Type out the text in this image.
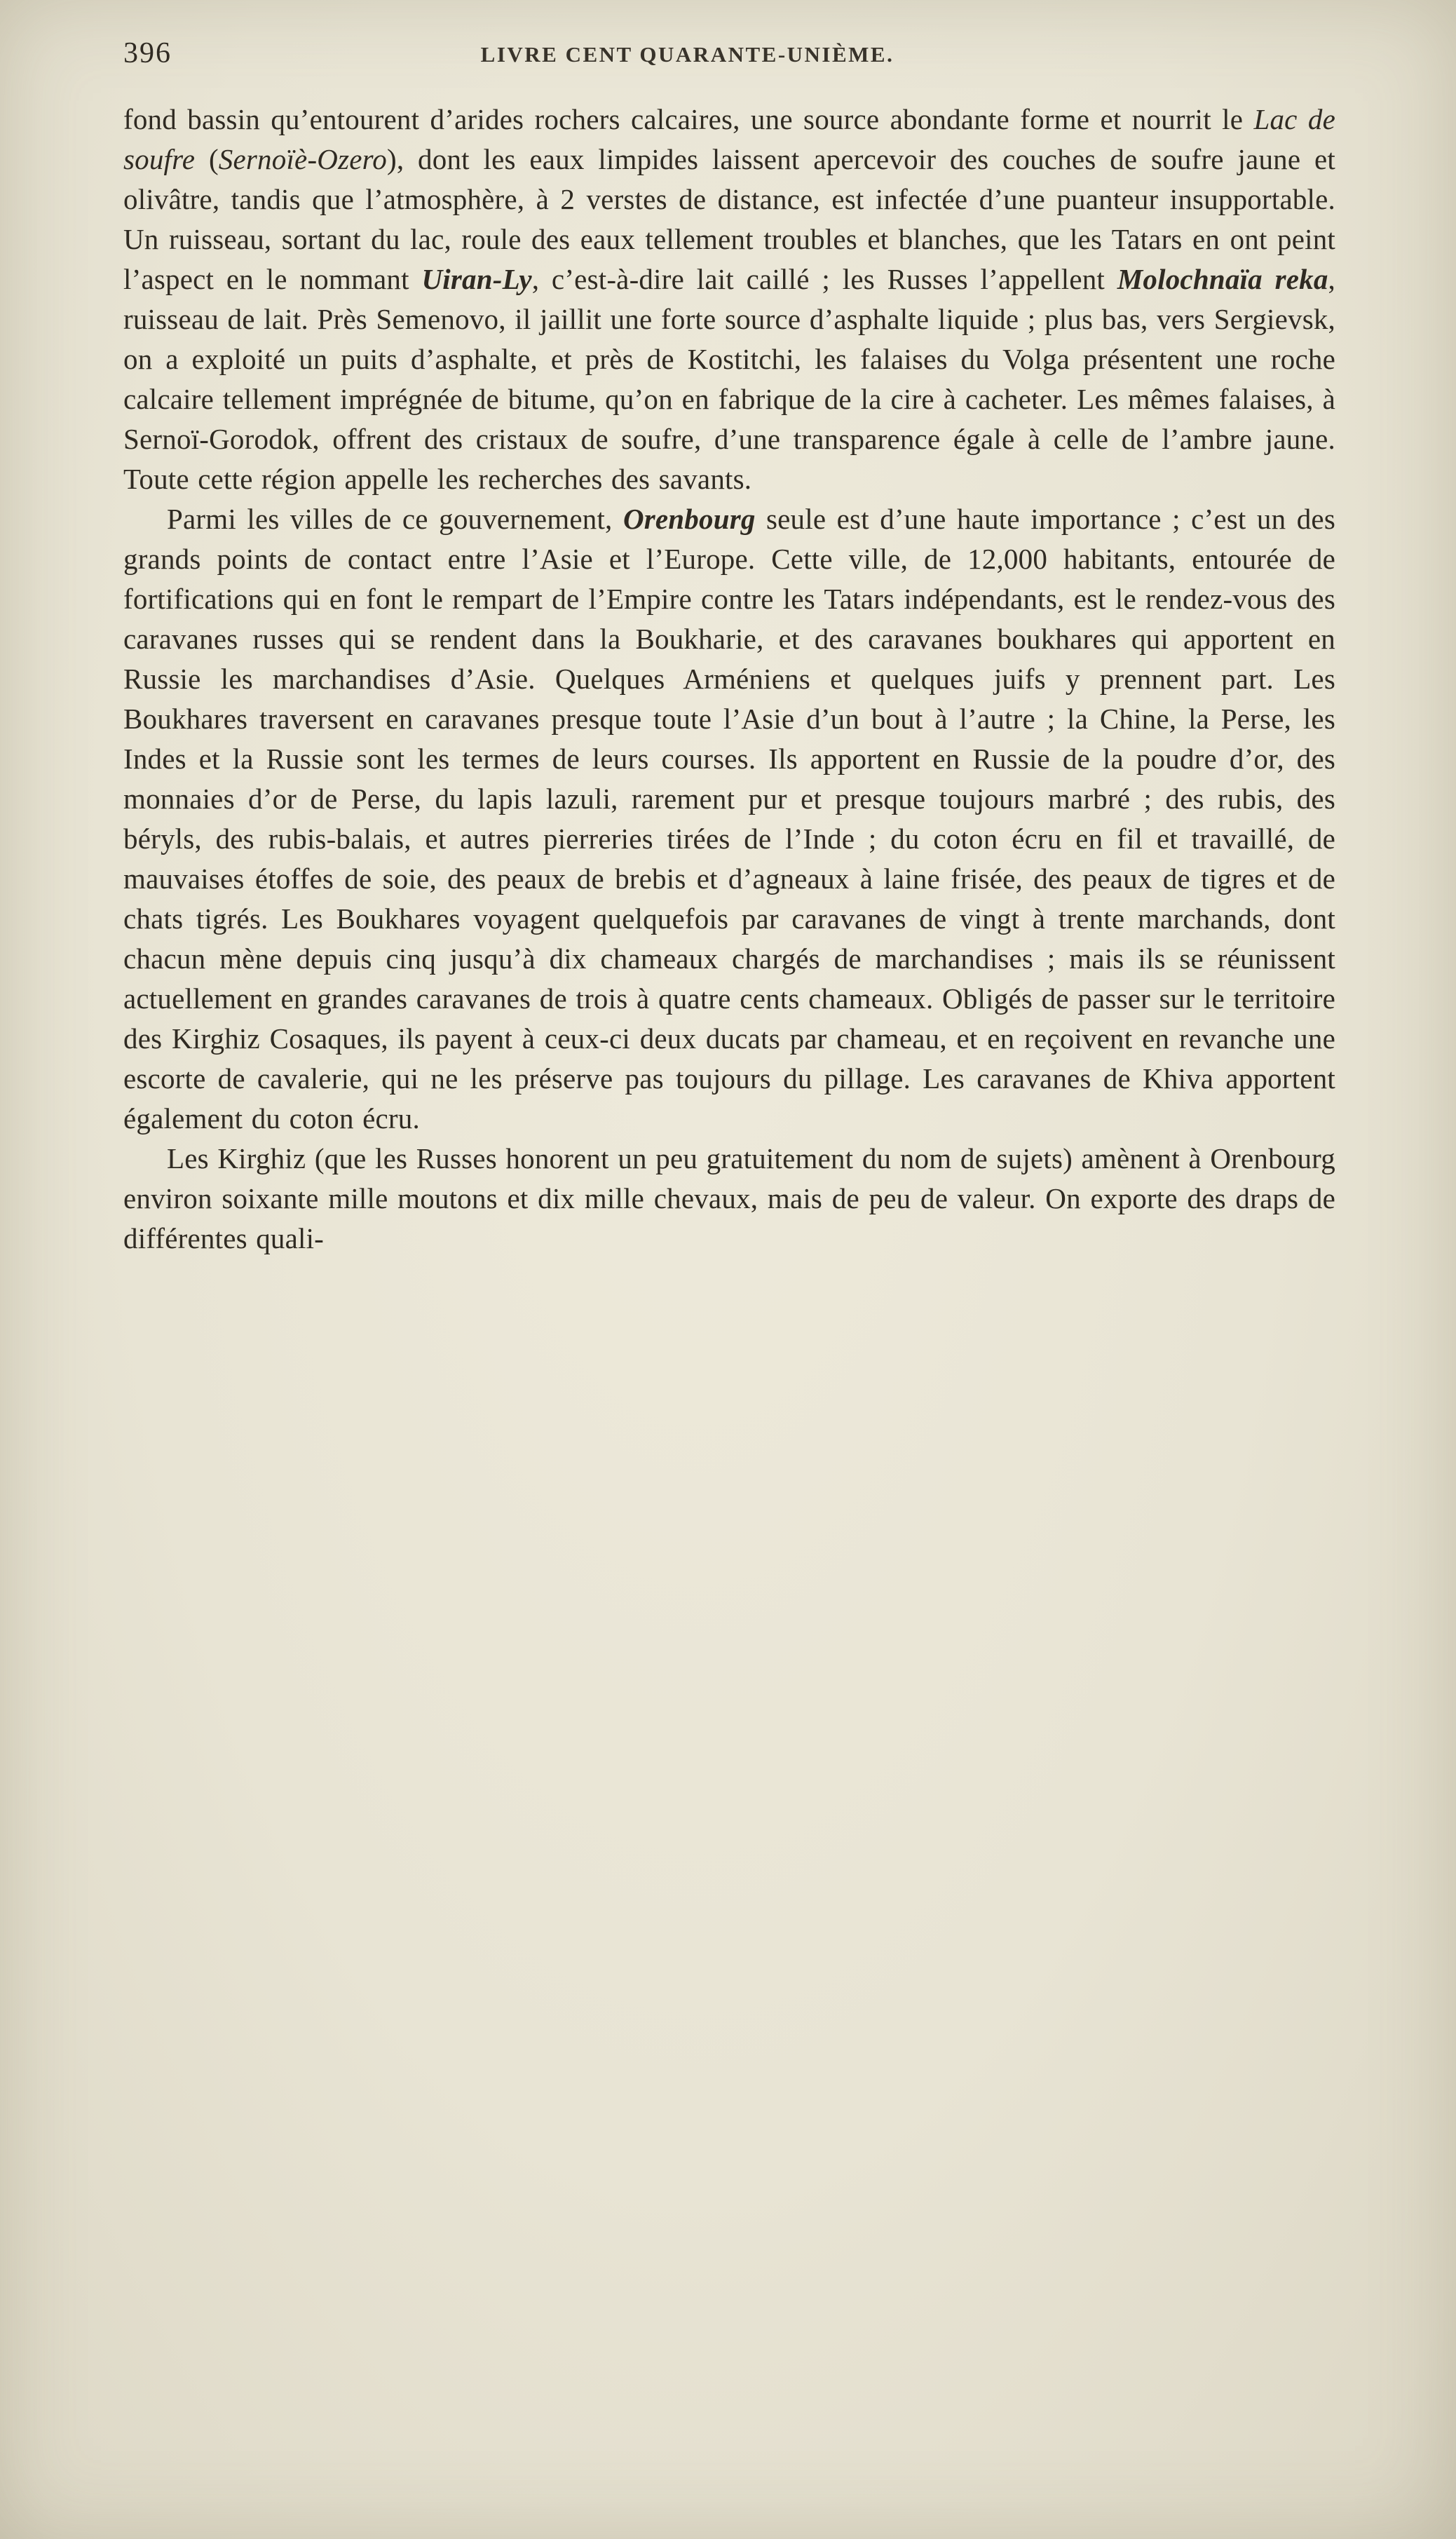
396	LIVRE CENT QUARANTE-UNIÈME.

fond bassin qu’entourent d’arides rochers calcaires, une source abondante forme et nourrit le Lac de soufre (Sernoïè-Ozero), dont les eaux limpides laissent apercevoir des couches de soufre jaune et olivâtre, tandis que l’atmosphère, à 2 verstes de distance, est infectée d’une puanteur insupportable. Un ruisseau, sortant du lac, roule des eaux tellement troubles et blanches, que les Tatars en ont peint l’aspect en le nommant Uiran-Ly, c’est-à-dire lait caillé ; les Russes l’appellent Molochnaïa reka, ruisseau de lait. Près Semenovo, il jaillit une forte source d’asphalte liquide ; plus bas, vers Sergievsk, on a exploité un puits d’asphalte, et près de Kostitchi, les falaises du Volga présentent une roche calcaire tellement imprégnée de bitume, qu’on en fabrique de la cire à cacheter. Les mêmes falaises, à Sernoï-Gorodok, offrent des cristaux de soufre, d’une transparence égale à celle de l’ambre jaune. Toute cette région appelle les recherches des savants.

Parmi les villes de ce gouvernement, Orenbourg seule est d’une haute importance ; c’est un des grands points de contact entre l’Asie et l’Europe. Cette ville, de 12,000 habitants, entourée de fortifications qui en font le rempart de l’Empire contre les Tatars indépendants, est le rendez-vous des caravanes russes qui se rendent dans la Boukharie, et des caravanes boukhares qui apportent en Russie les marchandises d’Asie. Quelques Arméniens et quelques juifs y prennent part. Les Boukhares traversent en caravanes presque toute l’Asie d’un bout à l’autre ; la Chine, la Perse, les Indes et la Russie sont les termes de leurs courses. Ils apportent en Russie de la poudre d’or, des monnaies d’or de Perse, du lapis lazuli, rarement pur et presque toujours marbré ; des rubis, des béryls, des rubis-balais, et autres pierreries tirées de l’Inde ; du coton écru en fil et travaillé, de mauvaises étoffes de soie, des peaux de brebis et d’agneaux à laine frisée, des peaux de tigres et de chats tigrés. Les Boukhares voyagent quelquefois par caravanes de vingt à trente marchands, dont chacun mène depuis cinq jusqu’à dix chameaux chargés de marchandises ; mais ils se réunissent actuellement en grandes caravanes de trois à quatre cents chameaux. Obligés de passer sur le territoire des Kirghiz Cosaques, ils payent à ceux-ci deux ducats par chameau, et en reçoivent en revanche une escorte de cavalerie, qui ne les préserve pas toujours du pillage. Les caravanes de Khiva apportent également du coton écru.

Les Kirghiz (que les Russes honorent un peu gratuitement du nom de sujets) amènent à Orenbourg environ soixante mille moutons et dix mille chevaux, mais de peu de valeur. On exporte des draps de différentes quali-
